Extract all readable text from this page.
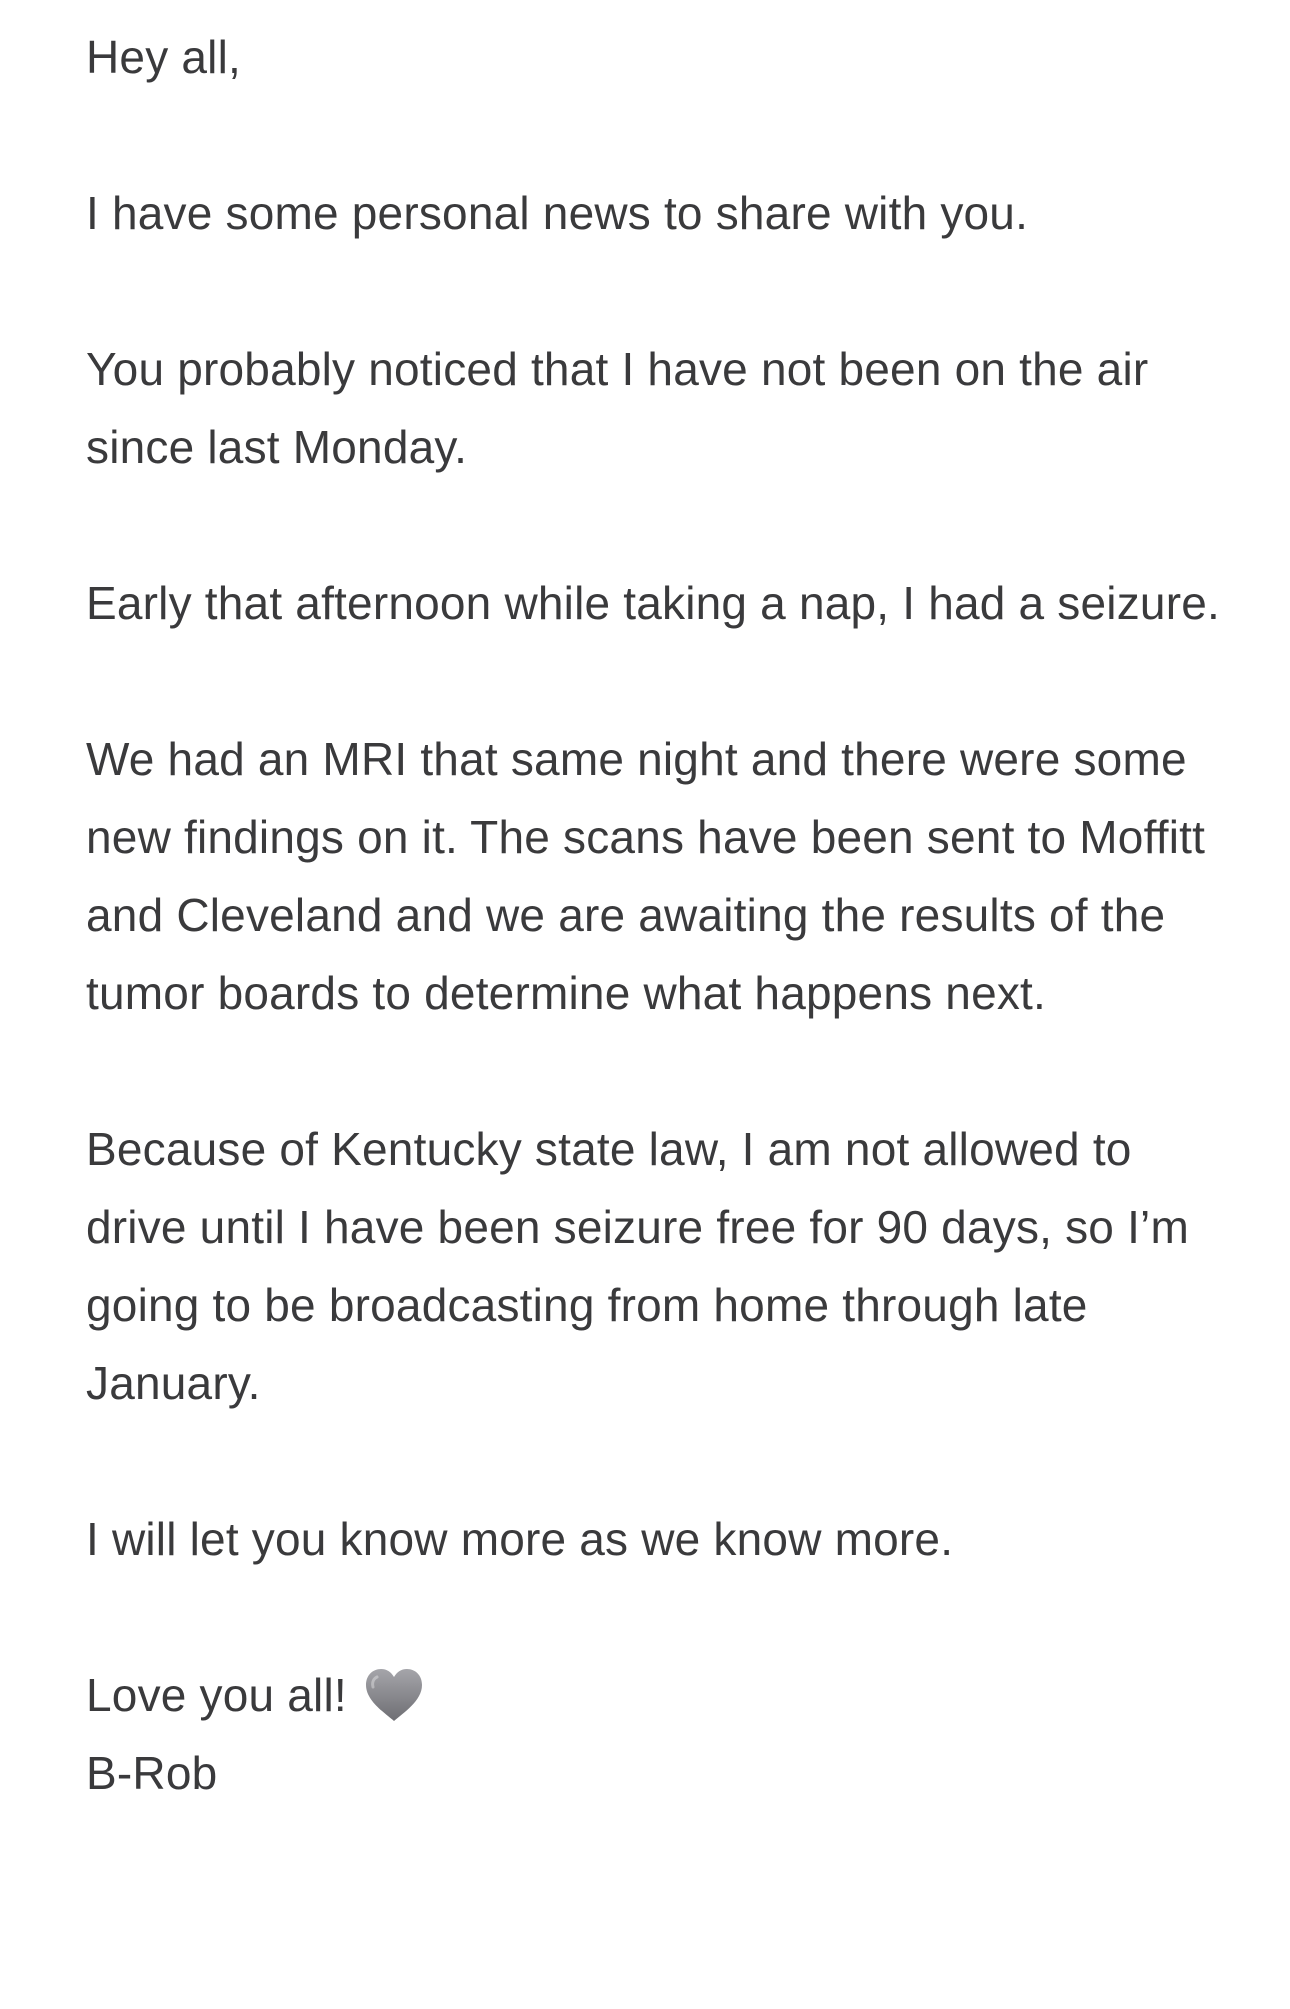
Hey all,

I have some personal news to share with you.

You probably noticed that I have not been on the air since last Monday.

Early that afternoon while taking a nap, I had a seizure.

We had an MRI that same night and there were some new findings on it. The scans have been sent to Moffitt and Cleveland and we are awaiting the results of the tumor boards to determine what happens next.

Because of Kentucky state law, I am not allowed to drive until I have been seizure free for 90 days, so I’m going to be broadcasting from home through late January.

I will let you know more as we know more.

Love you all!

B-Rob
